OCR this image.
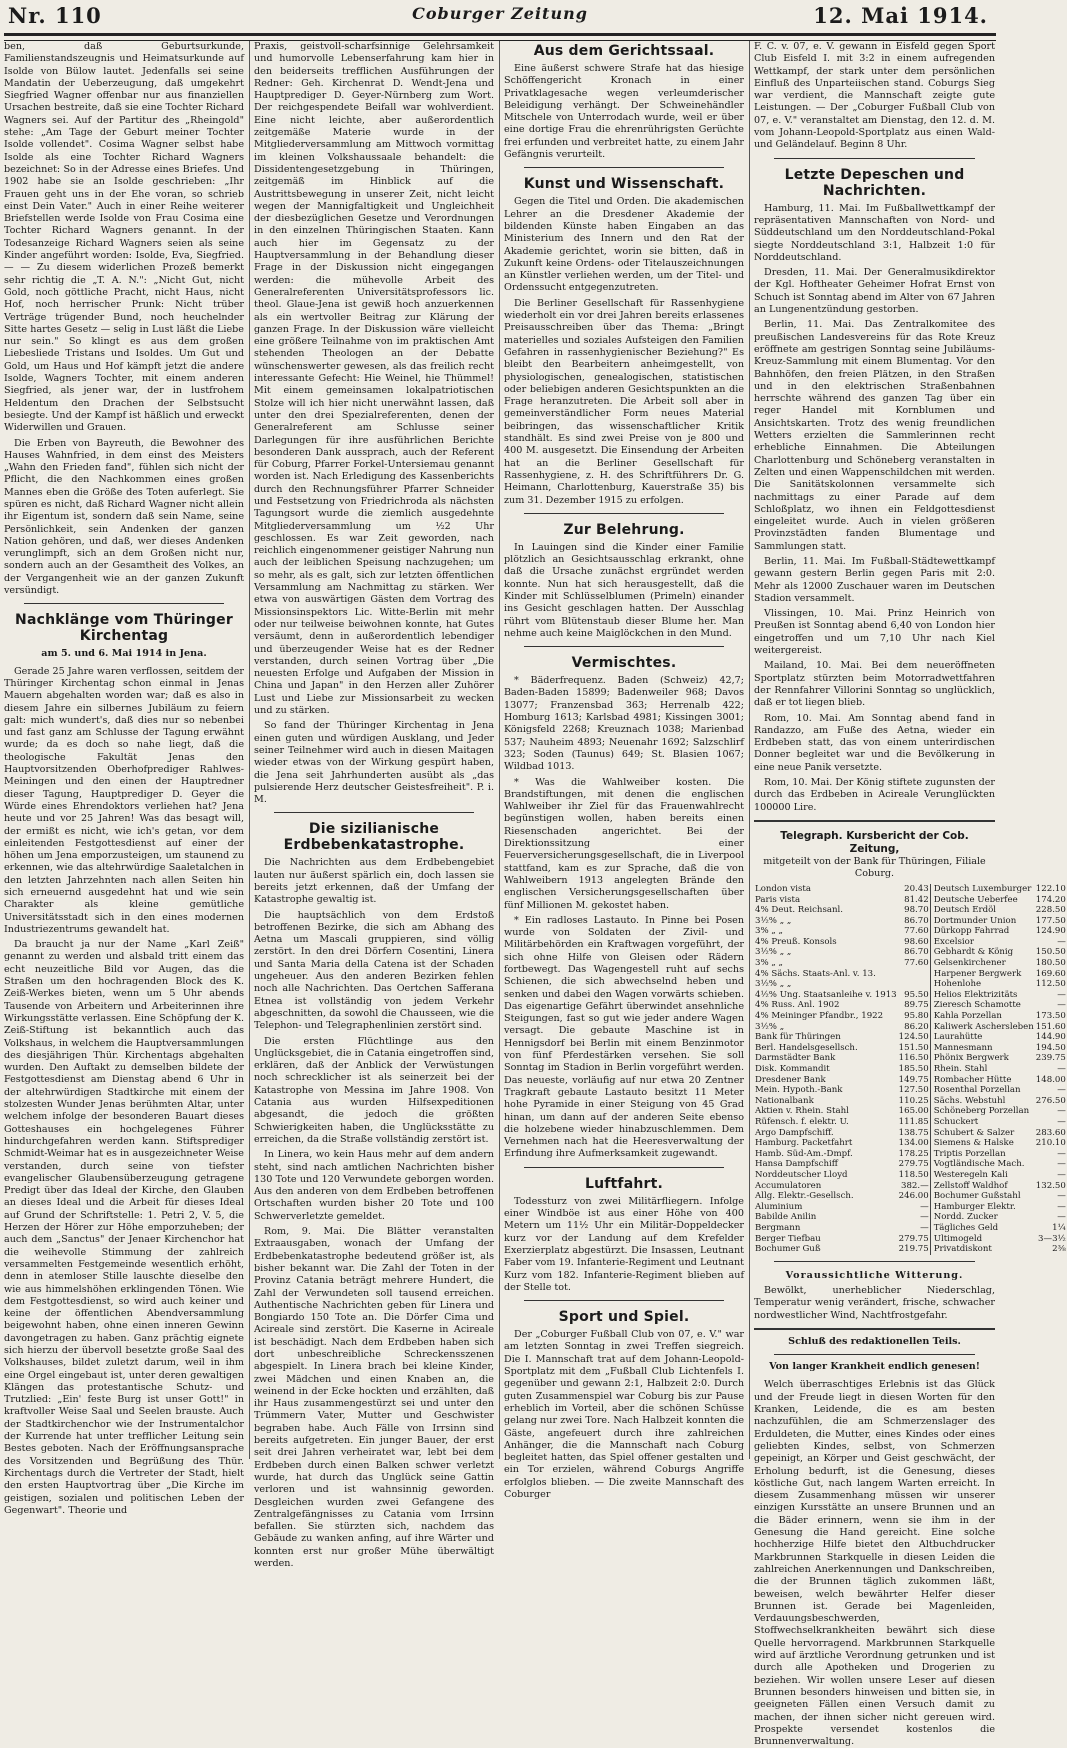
Nr. 110	Coburger Zeitung	12. Mai 1914.

ben, daß Geburtsurkunde, Familienstandszeugnis und Heimatsurkunde auf Isolde von Bülow lautet. Jedenfalls sei seine Mandatin der Ueberzeugung, daß umgekehrt Siegfried Wagner offenbar nur aus finanziellen Ursachen bestreite, daß sie eine Tochter Richard Wagners sei. Auf der Partitur des „Rheingold" stehe: „Am Tage der Geburt meiner Tochter Isolde vollendet". Cosima Wagner selbst habe Isolde als eine Tochter Richard Wagners bezeichnet: So in der Adresse eines Briefes. Und 1902 habe sie an Isolde geschrieben: „Ihr Frauen geht uns in der Ehe voran, so schrieb einst Dein Vater." Auch in einer Reihe weiterer Briefstellen werde Isolde von Frau Cosima eine Tochter Richard Wagners genannt. In der Todesanzeige Richard Wagners seien als seine Kinder angeführt worden: Isolde, Eva, Siegfried. — — Zu diesem widerlichen Prozeß bemerkt sehr richtig die „T. A. N.": „Nicht Gut, nicht Gold, noch göttliche Pracht, nicht Haus, nicht Hof, noch herrischer Prunk: Nicht trüber Verträge trügender Bund, noch heuchelnder Sitte hartes Gesetz — selig in Lust läßt die Liebe nur sein." So klingt es aus dem großen Liebesliede Tristans und Isoldes. Um Gut und Gold, um Haus und Hof kämpft jetzt die andere Isolde, Wagners Tochter, mit einem anderen Siegfried, als jener war, der in lustfrohem Heldentum den Drachen der Selbstsucht besiegte. Und der Kampf ist häßlich und erweckt Widerwillen und Grauen.

Die Erben von Bayreuth, die Bewohner des Hauses Wahnfried, in dem einst des Meisters „Wahn den Frieden fand", fühlen sich nicht der Pflicht, die den Nachkommen eines großen Mannes eben die Größe des Toten auferlegt. Sie spüren es nicht, daß Richard Wagner nicht allein ihr Eigentum ist, sondern daß sein Name, seine Persönlichkeit, sein Andenken der ganzen Nation gehören, und daß, wer dieses Andenken verunglimpft, sich an dem Großen nicht nur, sondern auch an der Gesamtheit des Volkes, an der Vergangenheit wie an der ganzen Zukunft versündigt.

Nachklänge vom Thüringer Kirchentag
am 5. und 6. Mai 1914 in Jena.

Gerade 25 Jahre waren verflossen, seitdem der Thüringer Kirchentag schon einmal in Jenas Mauern abgehalten worden war; daß es also in diesem Jahre ein silbernes Jubiläum zu feiern galt: mich wundert's, daß dies nur so nebenbei und fast ganz am Schlusse der Tagung erwähnt wurde; da es doch so nahe liegt, daß die theologische Fakultät Jenas den Hauptvorsitzenden Oberhofprediger Rahlwes-Meiningen und den einen der Hauptredner dieser Tagung, Hauptprediger D. Geyer die Würde eines Ehrendoktors verliehen hat? Jena heute und vor 25 Jahren! Was das besagt will, der ermißt es nicht, wie ich's getan, vor dem einleitenden Festgottesdienst auf einer der höhen um Jena emporzusteigen, um staunend zu erkennen, wie das altehrwürdige Saaletalchen in den letzten Jahrzehnten nach allen Seiten hin sich erneuernd ausgedehnt hat und wie sein Charakter als kleine gemütliche Universitätsstadt sich in den eines modernen Industriezentrums gewandelt hat.

Da braucht ja nur der Name „Karl Zeiß" genannt zu werden und alsbald tritt einem das echt neuzeitliche Bild vor Augen, das die Straßen um den hochragenden Block des K. Zeiß-Werkes bieten, wenn um 5 Uhr abends Tausende von Arbeitern und Arbeiterinnen ihre Wirkungsstätte verlassen. Eine Schöpfung der K. Zeiß-Stiftung ist bekanntlich auch das Volkshaus, in welchem die Hauptversammlungen des diesjährigen Thür. Kirchentags abgehalten wurden. Den Auftakt zu demselben bildete der Festgottesdienst am Dienstag abend 6 Uhr in der altehrwürdigen Stadtkirche mit einem der stolzesten Wunder Jenas berühmten Altar, unter welchem infolge der besonderen Bauart dieses Gotteshauses ein hochgelegenes Führer hindurchgefahren werden kann. Stiftsprediger Schmidt-Weimar hat es in ausgezeichneter Weise verstanden, durch seine von tiefster evangelischer Glaubensüberzeugung getragene Predigt über das Ideal der Kirche, den Glauben an dieses Ideal und die Arbeit für dieses Ideal auf Grund der Schriftstelle: 1. Petri 2, V. 5, die Herzen der Hörer zur Höhe emporzuheben; der auch dem „Sanctus" der Jenaer Kirchenchor hat die weihevolle Stimmung der zahlreich versammelten Festgemeinde wesentlich erhöht, denn in atemloser Stille lauschte dieselbe den wie aus himmelshöhen erklingenden Tönen. Wie dem Festgottesdienst, so wird auch keiner und keine der öffentlichen Abendversammlung beigewohnt haben, ohne einen inneren Gewinn davongetragen zu haben. Ganz prächtig eignete sich hierzu der übervoll besetzte große Saal des Volkshauses, bildet zuletzt darum, weil in ihm eine Orgel eingebaut ist, unter deren gewaltigen Klängen das protestantische Schutz- und Trutzlied: „Ein' feste Burg ist unser Gott!" in kraftvoller Weise Saal und Seelen brauste. Auch der Stadtkirchenchor wie der Instrumentalchor der Kurrende hat unter trefflicher Leitung sein Bestes geboten. Nach der Eröffnungsansprache des Vorsitzenden und Begrüßung des Thür. Kirchentags durch die Vertreter der Stadt, hielt den ersten Hauptvortrag über „Die Kirche im geistigen, sozialen und politischen Leben der Gegenwart". Theorie und

Praxis, geistvoll-scharfsinnige Gelehrsamkeit und humorvolle Lebenserfahrung kam hier in den beiderseits trefflichen Ausführungen der Redner: Geh. Kirchenrat D. Wendt-Jena und Hauptprediger D. Geyer-Nürnberg zum Wort. Der reichgespendete Beifall war wohlverdient. Eine nicht leichte, aber außerordentlich zeitgemäße Materie wurde in der Mitgliederversammlung am Mittwoch vormittag im kleinen Volkshaussaale behandelt: die Dissidentengesetzgebung in Thüringen, zeitgemäß im Hinblick auf die Austrittsbewegung in unserer Zeit, nicht leicht wegen der Mannigfaltigkeit und Ungleichheit der diesbezüglichen Gesetze und Verordnungen in den einzelnen Thüringischen Staaten. Kann auch hier im Gegensatz zu der Hauptversammlung in der Behandlung dieser Frage in der Diskussion nicht eingegangen werden: die mühevolle Arbeit des Generalreferenten Universitätsprofessors lic. theol. Glaue-Jena ist gewiß hoch anzuerkennen als ein wertvoller Beitrag zur Klärung der ganzen Frage. In der Diskussion wäre vielleicht eine größere Teilnahme von im praktischen Amt stehenden Theologen an der Debatte wünschenswerter gewesen, als das freilich recht interessante Gefecht: Hie Weinel, hie Thümmel! Mit einem gemeinsamen lokalpatriotischen Stolze will ich hier nicht unerwähnt lassen, daß unter den drei Spezialreferenten, denen der Generalreferent am Schlusse seiner Darlegungen für ihre ausführlichen Berichte besonderen Dank aussprach, auch der Referent für Coburg, Pfarrer Forkel-Untersiemau genannt worden ist. Nach Erledigung des Kassenberichts durch den Rechnungsführer Pfarrer Schneider und Festsetzung von Friedrichroda als nächsten Tagungsort wurde die ziemlich ausgedehnte Mitgliederversammlung um ½2 Uhr geschlossen. Es war Zeit geworden, nach reichlich eingenommener geistiger Nahrung nun auch der leiblichen Speisung nachzugehen; um so mehr, als es galt, sich zur letzten öffentlichen Versammlung am Nachmittag zu stärken. Wer etwa von auswärtigen Gästen dem Vortrag des Missionsinspektors Lic. Witte-Berlin mit mehr oder nur teilweise beiwohnen konnte, hat Gutes versäumt, denn in außerordentlich lebendiger und überzeugender Weise hat es der Redner verstanden, durch seinen Vortrag über „Die neuesten Erfolge und Aufgaben der Mission in China und Japan" in den Herzen aller Zuhörer Lust und Liebe zur Missionsarbeit zu wecken und zu stärken.

So fand der Thüringer Kirchentag in Jena einen guten und würdigen Ausklang, und Jeder seiner Teilnehmer wird auch in diesen Maitagen wieder etwas von der Wirkung gespürt haben, die Jena seit Jahrhunderten ausübt als „das pulsierende Herz deutscher Geistesfreiheit". P. i. M.

Die sizilianische Erdbebenkatastrophe.

Die Nachrichten aus dem Erdbebengebiet lauten nur äußerst spärlich ein, doch lassen sie bereits jetzt erkennen, daß der Umfang der Katastrophe gewaltig ist.

Die hauptsächlich von dem Erdstoß betroffenen Bezirke, die sich am Abhang des Aetna um Mascali gruppieren, sind völlig zerstört. In den drei Dörfern Cosentini, Linera und Santa Maria della Catena ist der Schaden ungeheuer. Aus den anderen Bezirken fehlen noch alle Nachrichten. Das Oertchen Safferana Etnea ist vollständig von jedem Verkehr abgeschnitten, da sowohl die Chausseen, wie die Telephon- und Telegraphenlinien zerstört sind.

Die ersten Flüchtlinge aus den Unglücksgebiet, die in Catania eingetroffen sind, erklären, daß der Anblick der Verwüstungen noch schrecklicher ist als seinerzeit bei der Katastrophe von Messina im Jahre 1908. Von Catania aus wurden Hilfsexpeditionen abgesandt, die jedoch die größten Schwierigkeiten haben, die Unglücksstätte zu erreichen, da die Straße vollständig zerstört ist.

In Linera, wo kein Haus mehr auf dem andern steht, sind nach amtlichen Nachrichten bisher 130 Tote und 120 Verwundete geborgen worden. Aus den anderen von dem Erdbeben betroffenen Ortschaften wurden bisher 20 Tote und 100 Schwerverletzte gemeldet.

Rom, 9. Mai. Die Blätter veranstalten Extraausgaben, wonach der Umfang der Erdbebenkatastrophe bedeutend größer ist, als bisher bekannt war. Die Zahl der Toten in der Provinz Catania beträgt mehrere Hundert, die Zahl der Verwundeten soll tausend erreichen. Authentische Nachrichten geben für Linera und Bongiardo 150 Tote an. Die Dörfer Cima und Acireale sind zerstört. Die Kaserne in Acireale ist beschädigt. Nach dem Erdbeben haben sich dort unbeschreibliche Schreckensszenen abgespielt. In Linera brach bei kleine Kinder, zwei Mädchen und einen Knaben an, die weinend in der Ecke hockten und erzählten, daß ihr Haus zusammengestürzt sei und unter den Trümmern Vater, Mutter und Geschwister begraben habe. Auch Fälle von Irrsinn sind bereits aufgetreten. Ein junger Bauer, der erst seit drei Jahren verheiratet war, lebt bei dem Erdbeben durch einen Balken schwer verletzt wurde, hat durch das Unglück seine Gattin verloren und ist wahnsinnig geworden. Desgleichen wurden zwei Gefangene des Zentralgefängnisses zu Catania vom Irrsinn befallen. Sie stürzten sich, nachdem das Gebäude zu wanken anfing, auf ihre Wärter und konnten erst nur großer Mühe überwältigt werden.

Aus dem Gerichtssaal.

Eine äußerst schwere Strafe hat das hiesige Schöffengericht Kronach in einer Privatklagesache wegen verleumderischer Beleidigung verhängt. Der Schweinehändler Mitschele von Unterrodach wurde, weil er über eine dortige Frau die ehrenrührigsten Gerüchte frei erfunden und verbreitet hatte, zu einem Jahr Gefängnis verurteilt.

Kunst und Wissenschaft.

Gegen die Titel und Orden. Die akademischen Lehrer an die Dresdener Akademie der bildenden Künste haben Eingaben an das Ministerium des Innern und den Rat der Akademie gerichtet, worin sie bitten, daß in Zukunft keine Ordens- oder Titelauszeichnungen an Künstler verliehen werden, um der Titel- und Ordenssucht entgegenzutreten.

Die Berliner Gesellschaft für Rassenhygiene wiederholt ein vor drei Jahren bereits erlassenes Preisausschreiben über das Thema: „Bringt materielles und soziales Aufsteigen den Familien Gefahren in rassenhygienischer Beziehung?" Es bleibt den Bearbeitern anheimgestellt, von physiologischen, genealogischen, statistischen oder beliebigen anderen Gesichtspunkten an die Frage heranzutreten. Die Arbeit soll aber in gemeinverständlicher Form neues Material beibringen, das wissenschaftlicher Kritik standhält. Es sind zwei Preise von je 800 und 400 M. ausgesetzt. Die Einsendung der Arbeiten hat an die Berliner Gesellschaft für Rassenhygiene, z. H. des Schriftführers Dr. G. Heimann, Charlottenburg, Kauerstraße 35) bis zum 31. Dezember 1915 zu erfolgen.

Zur Belehrung.

In Lauingen sind die Kinder einer Familie plötzlich an Gesichtsausschlag erkrankt, ohne daß die Ursache zunächst ergründet werden konnte. Nun hat sich herausgestellt, daß die Kinder mit Schlüsselblumen (Primeln) einander ins Gesicht geschlagen hatten. Der Ausschlag rührt vom Blütenstaub dieser Blume her. Man nehme auch keine Maiglöckchen in den Mund.

Vermischtes.

* Bäderfrequenz. Baden (Schweiz) 42,7; Baden-Baden 15899; Badenweiler 968; Davos 13077; Franzensbad 363; Herrenalb 422; Homburg 1613; Karlsbad 4981; Kissingen 3001; Königsfeld 2268; Kreuznach 1038; Marienbad 537; Nauheim 4893; Neuenahr 1692; Salzschlirf 323; Soden (Taunus) 649; St. Blasien 1067; Wildbad 1013.

* Was die Wahlweiber kosten. Die Brandstiftungen, mit denen die englischen Wahlweiber ihr Ziel für das Frauenwahlrecht begünstigen wollen, haben bereits einen Riesenschaden angerichtet. Bei der Direktionssitzung einer Feuerversicherungsgesellschaft, die in Liverpool stattfand, kam es zur Sprache, daß die von Wahlweibern 1913 angelegten Brände den englischen Versicherungsgesellschaften über fünf Millionen M. gekostet haben.

* Ein radloses Lastauto. In Pinne bei Posen wurde von Soldaten der Zivil- und Militärbehörden ein Kraftwagen vorgeführt, der sich ohne Hilfe von Gleisen oder Rädern fortbewegt. Das Wagengestell ruht auf sechs Schienen, die sich abwechselnd heben und senken und dabei den Wagen vorwärts schieben. Das eigenartige Gefährt überwindet ansehnliche Steigungen, fast so gut wie jeder andere Wagen versagt. Die gebaute Maschine ist in Hennigsdorf bei Berlin mit einem Benzinmotor von fünf Pferdestärken versehen. Sie soll Sonntag im Stadion in Berlin vorgeführt werden. Das neueste, vorläufig auf nur etwa 20 Zentner Tragkraft gebaute Lastauto besitzt 11 Meter hohe Pyramide in einer Steigung von 45 Grad hinan, um dann auf der anderen Seite ebenso die holzebene wieder hinabzuschlemmen. Dem Vernehmen nach hat die Heeresverwaltung der Erfindung ihre Aufmerksamkeit zugewandt.

Luftfahrt.

Todessturz von zwei Militärfliegern. Infolge einer Windböe ist aus einer Höhe von 400 Metern um 11½ Uhr ein Militär-Doppeldecker kurz vor der Landung auf dem Krefelder Exerzierplatz abgestürzt. Die Insassen, Leutnant Faber vom 19. Infanterie-Regiment und Leutnant Kurz vom 182. Infanterie-Regiment blieben auf der Stelle tot.

Sport und Spiel.

Der „Coburger Fußball Club von 07, e. V." war am letzten Sonntag in zwei Treffen siegreich. Die I. Mannschaft trat auf dem Johann-Leopold-Sportplatz mit dem „Fußball Club Lichtenfels I. gegenüber und gewann 2:1, Halbzeit 2:0. Durch guten Zusammenspiel war Coburg bis zur Pause erheblich im Vorteil, aber die schönen Schüsse gelang nur zwei Tore. Nach Halbzeit konnten die Gäste, angefeuert durch ihre zahlreichen Anhänger, die die Mannschaft nach Coburg begleitet hatten, das Spiel offener gestalten und ein Tor erzielen, während Coburgs Angriffe erfolglos blieben. — Die zweite Mannschaft des Coburger

F. C. v. 07, e. V. gewann in Eisfeld gegen Sport Club Eisfeld I. mit 3:2 in einem aufregenden Wettkampf, der stark unter dem persönlichen Einfluß des Unparteiischen stand. Coburgs Sieg war verdient, die Mannschaft zeigte gute Leistungen. — Der „Coburger Fußball Club von 07, e. V." veranstaltet am Dienstag, den 12. d. M. vom Johann-Leopold-Sportplatz aus einen Wald- und Geländelauf. Beginn 8 Uhr.

Letzte Depeschen und Nachrichten.

Hamburg, 11. Mai. Im Fußballwettkampf der repräsentativen Mannschaften von Nord- und Süddeutschland um den Norddeutschland-Pokal siegte Norddeutschland 3:1, Halbzeit 1:0 für Norddeutschland.

Dresden, 11. Mai. Der Generalmusikdirektor der Kgl. Hoftheater Geheimer Hofrat Ernst von Schuch ist Sonntag abend im Alter von 67 Jahren an Lungenentzündung gestorben.

Berlin, 11. Mai. Das Zentralkomitee des preußischen Landesvereins für das Rote Kreuz eröffnete am gestrigen Sonntag seine Jubiläums-Kreuz-Sammlung mit einem Blumentag. Vor den Bahnhöfen, den freien Plätzen, in den Straßen und in den elektrischen Straßenbahnen herrschte während des ganzen Tag über ein reger Handel mit Kornblumen und Ansichtskarten. Trotz des wenig freundlichen Wetters erzielten die Sammlerinnen recht erhebliche Einnahmen. Die Abteilungen Charlottenburg und Schöneberg veranstalten in Zelten und einen Wappenschildchen mit werden. Die Sanitätskolonnen versammelte sich nachmittags zu einer Parade auf dem Schloßplatz, wo ihnen ein Feldgottesdienst eingeleitet wurde. Auch in vielen größeren Provinzstädten fanden Blumentage und Sammlungen statt.

Berlin, 11. Mai. Im Fußball-Städtewettkampf gewann gestern Berlin gegen Paris mit 2:0. Mehr als 12000 Zuschauer waren im Deutschen Stadion versammelt.

Vlissingen, 10. Mai. Prinz Heinrich von Preußen ist Sonntag abend 6,40 von London hier eingetroffen und um 7,10 Uhr nach Kiel weitergereist.

Mailand, 10. Mai. Bei dem neueröffneten Sportplatz stürzten beim Motorradwettfahren der Rennfahrer Villorini Sonntag so unglücklich, daß er tot liegen blieb.

Rom, 10. Mai. Am Sonntag abend fand in Randazzo, am Fuße des Aetna, wieder ein Erdbeben statt, das von einem unterirdischen Donner begleitet war und die Bevölkerung in eine neue Panik versetzte.

Rom, 10. Mai. Der König stiftete zugunsten der durch das Erdbeben in Acireale Verunglückten 100000 Lire.

Telegraph. Kursbericht der Cob. Zeitung,
mitgeteilt von der Bank für Thüringen, Filiale Coburg.
London vista	20.43	Deutsch Luxemburger	122.10
Paris vista	81.42	Deutsche Ueberfee	174.20
4% Deut. Reichsanl.	98.70	Deutsch Erdöl	228.50
3½% „ „	86.70	Dortmunder Union	177.50
3% „ „	77.60	Dürkopp Fahrrad	124.90
4% Preuß. Konsols	98.60	Excelsior	—
3½% „ „	86.70	Gebhardt & König	150.50
3% „ „	77.60	Gelsenkirchener	180.50
4% Sächs. Staats-Anl. v. 13.		Harpener Bergwerk	169.60
3½% „ „		Hohenlohe	112.50
4½% Ung. Staatsanleihe v. 1913	95.50	Helios Elektrizitäts	—
4% Russ. Anl. 1902	89.75	Zieresch Schamotte	—
4% Meininger Pfandbr., 1922	95.80	Kahla Porzellan	173.50
3½% „	86.20	Kaliwerk Aschersleben	151.60
Bank für Thüringen	124.50	Laurahütte	144.90
Berl. Handelsgesellsch.	151.50	Mannesmann	194.50
Darmstädter Bank	116.50	Phönix Bergwerk	239.75
Disk. Kommandit	185.50	Rhein. Stahl	—
Dresdener Bank	149.75	Rombacher Hütte	148.00
Mein. Hypoth.-Bank	127.50	Rosenthal Porzellan	—
Nationalbank	110.25	Sächs. Webstuhl	276.50
Aktien v. Rhein. Stahl	165.00	Schöneberg Porzellan	—
Rüfensch. f. elektr. U.	111.85	Schuckert	—
Argo Dampfschiff.	138.75	Schubert & Salzer	283.60
Hamburg. Packetfahrt	134.00	Siemens & Halske	210.10
Hamb. Süd-Am.-Dmpf.	178.25	Triptis Porzellan	—
Hansa Dampfschiff	279.75	Vogtländische Mach.	—
Norddeutscher Lloyd	118.50	Westeregeln Kali	—
Accumulatoren	382.—	Zellstoff Waldhof	132.50
Allg. Elektr.-Gesellsch.	246.00	Bochumer Gußstahl	—
Aluminium	—	Hamburger Elektr.	—
Babilde Anilin	—	Nordd. Zucker	—
Bergmann	—	Tägliches Geld	1¼
Berger Tiefbau	279.75	Ultimogeld	3—3½
Bochumer Guß	219.75	Privatdiskont	2⅜
Voraussichtliche Witterung.

Bewölkt, unerheblicher Niederschlag, Temperatur wenig verändert, frische, schwacher nordwestlicher Wind, Nachtfrostgefahr.

Schluß des redaktionellen Teils.
Von langer Krankheit endlich genesen!

Welch überraschtiges Erlebnis ist das Glück und der Freude liegt in diesen Worten für den Kranken, Leidende, die es am besten nachzufühlen, die am Schmerzenslager des Erduldeten, die Mutter, eines Kindes oder eines geliebten Kindes, selbst, von Schmerzen gepeinigt, an Körper und Geist geschwächt, der Erholung bedurft, ist die Genesung, dieses köstliche Gut, nach langem Warten erreicht. In diesem Zusammenhang müssen wir unserer einzigen Kursstätte an unsere Brunnen und an die Bäder erinnern, wenn sie ihm in der Genesung die Hand gereicht. Eine solche hochherzige Hilfe bietet den Altbuchdrucker Markbrunnen Starkquelle in diesen Leiden die zahlreichen Anerkennungen und Dankschreiben, die der Brunnen täglich zukommen läßt, beweisen, welch bewährter Helfer dieser Brunnen ist. Gerade bei Magenleiden, Verdauungsbeschwerden, Stoffwechselkrankheiten bewährt sich diese Quelle hervorragend. Markbrunnen Starkquelle wird auf ärztliche Verordnung getrunken und ist durch alle Apotheken und Drogerien zu beziehen. Wir wollen unsere Leser auf diesen Brunnen besonders hinweisen und bitten sie, in geeigneten Fällen einen Versuch damit zu machen, der ihnen sicher nicht gereuen wird. Prospekte versendet kostenlos die Brunnenverwaltung.
